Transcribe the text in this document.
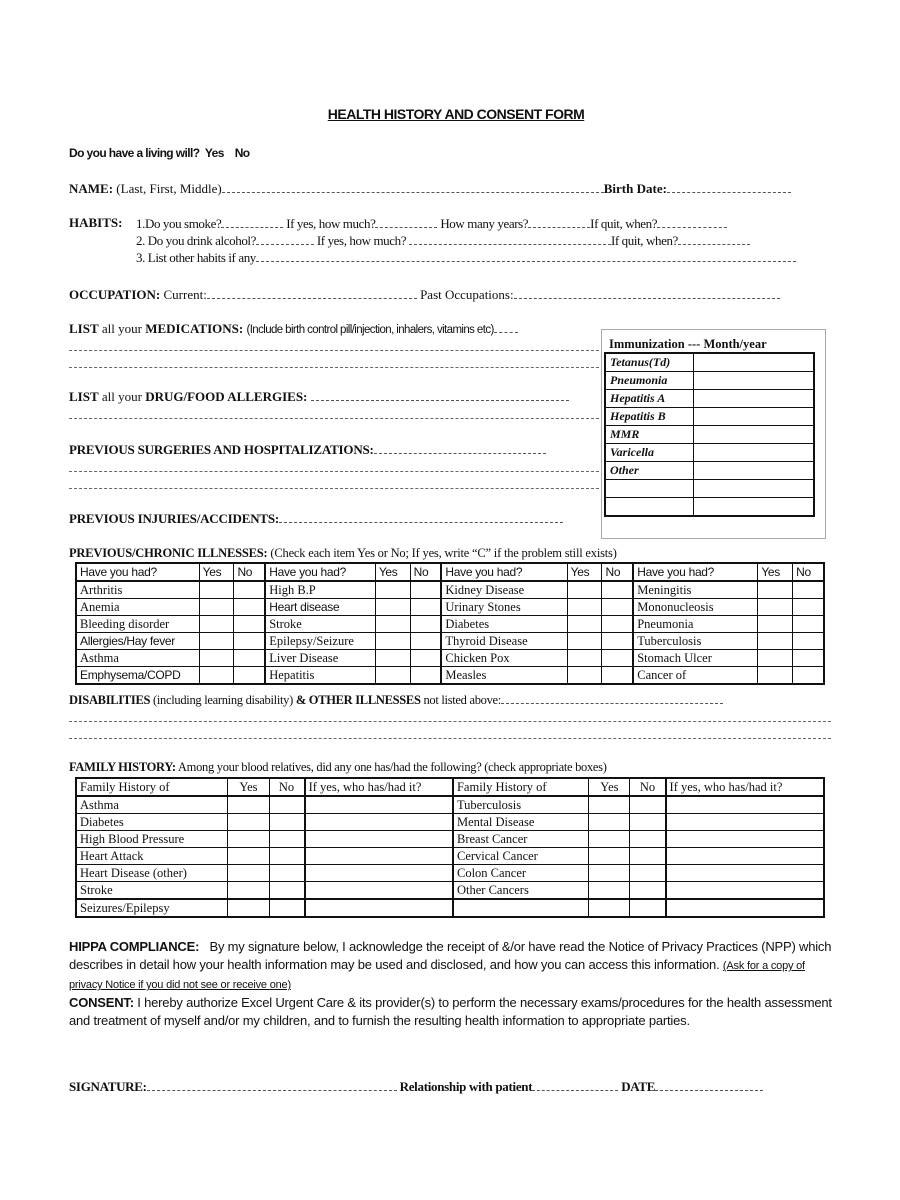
HEALTH HISTORY AND CONSENT FORM
Do you have a living will? Yes No
NAME: (Last, First, Middle)	Birth Date:
HABITS: 1.Do you smoke?	If yes, how much?	How many years?	If quit, when?
2. Do you drink alcohol?	If yes, how much?	If quit, when?
3. List other habits if any
OCCUPATION: Current:	Past Occupations:
LIST all your MEDICATIONS: (Include birth control pill/injection, inhalers, vitamins etc)
LIST all your DRUG/FOOD ALLERGIES:
PREVIOUS SURGERIES AND HOSPITALIZATIONS:
PREVIOUS INJURIES/ACCIDENTS:
Immunization --- Month/year
Tetanus(Td)	
Pneumonia	
Hepatitis A	
Hepatitis B	
MMR	
Varicella	
Other	

PREVIOUS/CHRONIC ILLNESSES: (Check each item Yes or No; If yes, write “C” if the problem still exists)
Have you had?	Yes	No	Have you had?	Yes	No	Have you had?	Yes	No	Have you had?	Yes	No
Arthritis			High B.P			Kidney Disease			Meningitis		
Anemia			Heart disease			Urinary Stones			Mononucleosis		
Bleeding disorder			Stroke			Diabetes			Pneumonia		
Allergies/Hay fever			Epilepsy/Seizure			Thyroid Disease			Tuberculosis		
Asthma			Liver Disease			Chicken Pox			Stomach Ulcer		
Emphysema/COPD			Hepatitis			Measles			Cancer of		
DISABILITIES (including learning disability) & OTHER ILLNESSES not listed above:
FAMILY HISTORY: Among your blood relatives, did any one has/had the following? (check appropriate boxes)
Family History of	Yes	No	If yes, who has/had it?	Family History of	Yes	No	If yes, who has/had it?
Asthma				Tuberculosis			
Diabetes				Mental Disease			
High Blood Pressure				Breast Cancer			
Heart Attack				Cervical Cancer			
Heart Disease (other)				Colon Cancer			
Stroke				Other Cancers			
Seizures/Epilepsy							
HIPPA COMPLIANCE: By my signature below, I acknowledge the receipt of &/or have read the Notice of Privacy Practices (NPP) which describes in detail how your health information may be used and disclosed, and how you can access this information. (Ask for a copy of privacy Notice if you did not see or receive one)
CONSENT: I hereby authorize Excel Urgent Care & its provider(s) to perform the necessary exams/procedures for the health assessment and treatment of myself and/or my children, and to furnish the resulting health information to appropriate parties.
SIGNATURE:	Relationship with patient	DATE
